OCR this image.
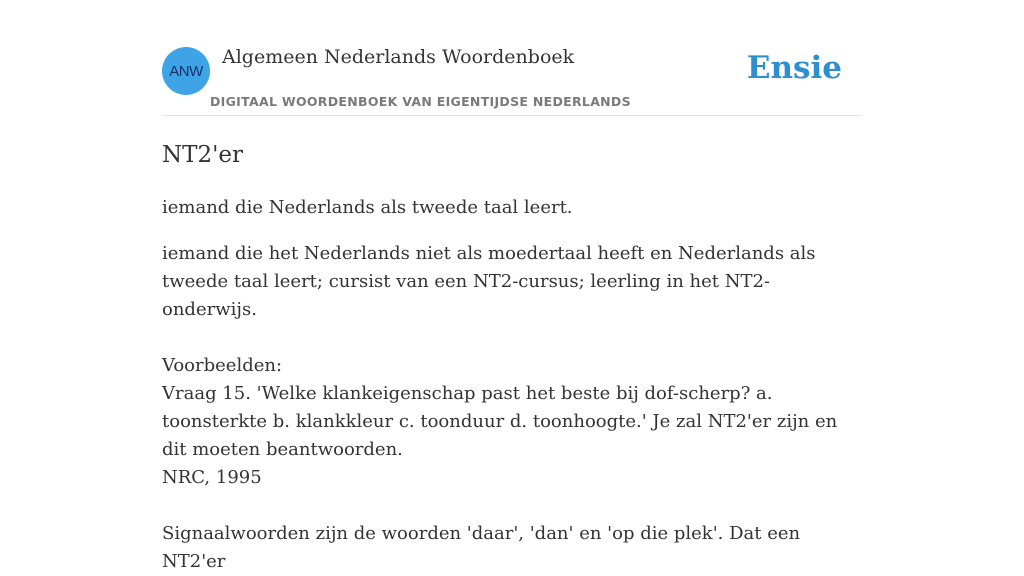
ANW
Algemeen Nederlands Woordenboek
DIGITAAL WOORDENBOEK VAN EIGENTIJDSE NEDERLANDS
Ensie
NT2'er

iemand die Nederlands als tweede taal leert.

iemand die het Nederlands niet als moedertaal heeft en Nederlands als tweede taal leert; cursist van een NT2-cursus; leerling in het NT2-onderwijs.

Voorbeelden:

Vraag 15. 'Welke klankeigenschap past het beste bij dof-scherp? a. toonsterkte b. klankkleur c. toonduur d. toonhoogte.' Je zal NT2'er zijn en dit moeten beantwoorden.

NRC, 1995

Signaalwoorden zijn de woorden 'daar', 'dan' en 'op die plek'. Dat een NT2'er
